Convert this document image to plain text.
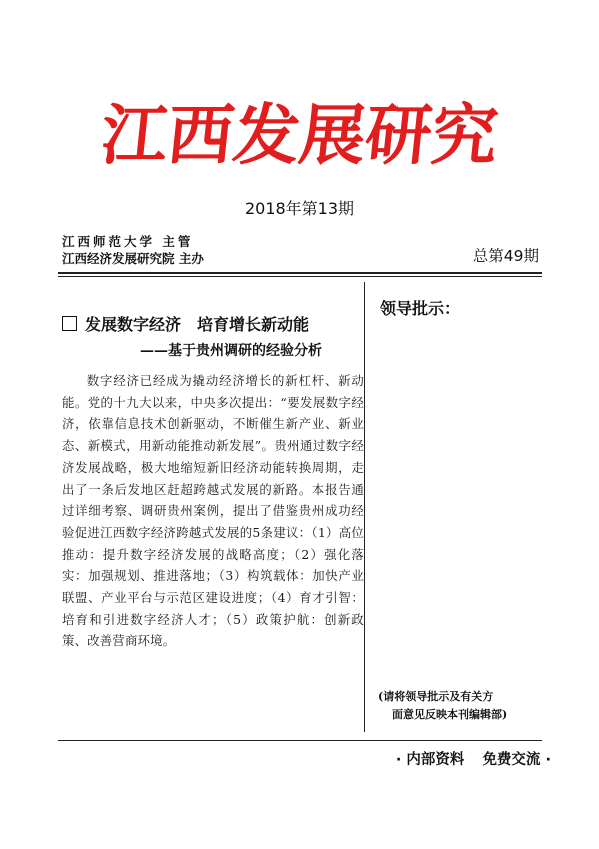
江西发展研究
2018年第13期
江西师范大学 主管
江西经济发展研究院 主办	总第49期
发展数字经济 培育增长新动能
——基于贵州调研的经验分析
数字经济已经成为撬动经济增长的新杠杆、新动能。党的十九大以来，中央多次提出：“要发展数字经济，依靠信息技术创新驱动，不断催生新产业、新业态、新模式，用新动能推动新发展”。贵州通过数字经济发展战略，极大地缩短新旧经济动能转换周期，走出了一条后发地区赶超跨越式发展的新路。本报告通过详细考察、调研贵州案例，提出了借鉴贵州成功经验促进江西数字经济跨越式发展的5条建议：（1）高位推动：提升数字经济发展的战略高度；（2）强化落实：加强规划、推进落地；（3）构筑载体：加快产业联盟、产业平台与示范区建设进度；（4）育才引智：培育和引进数字经济人才；（5）政策护航：创新政策、改善营商环境。
领导批示：
(请将领导批示及有关方
面意见反映本刊编辑部)
· 内部资料 免费交流 ·
